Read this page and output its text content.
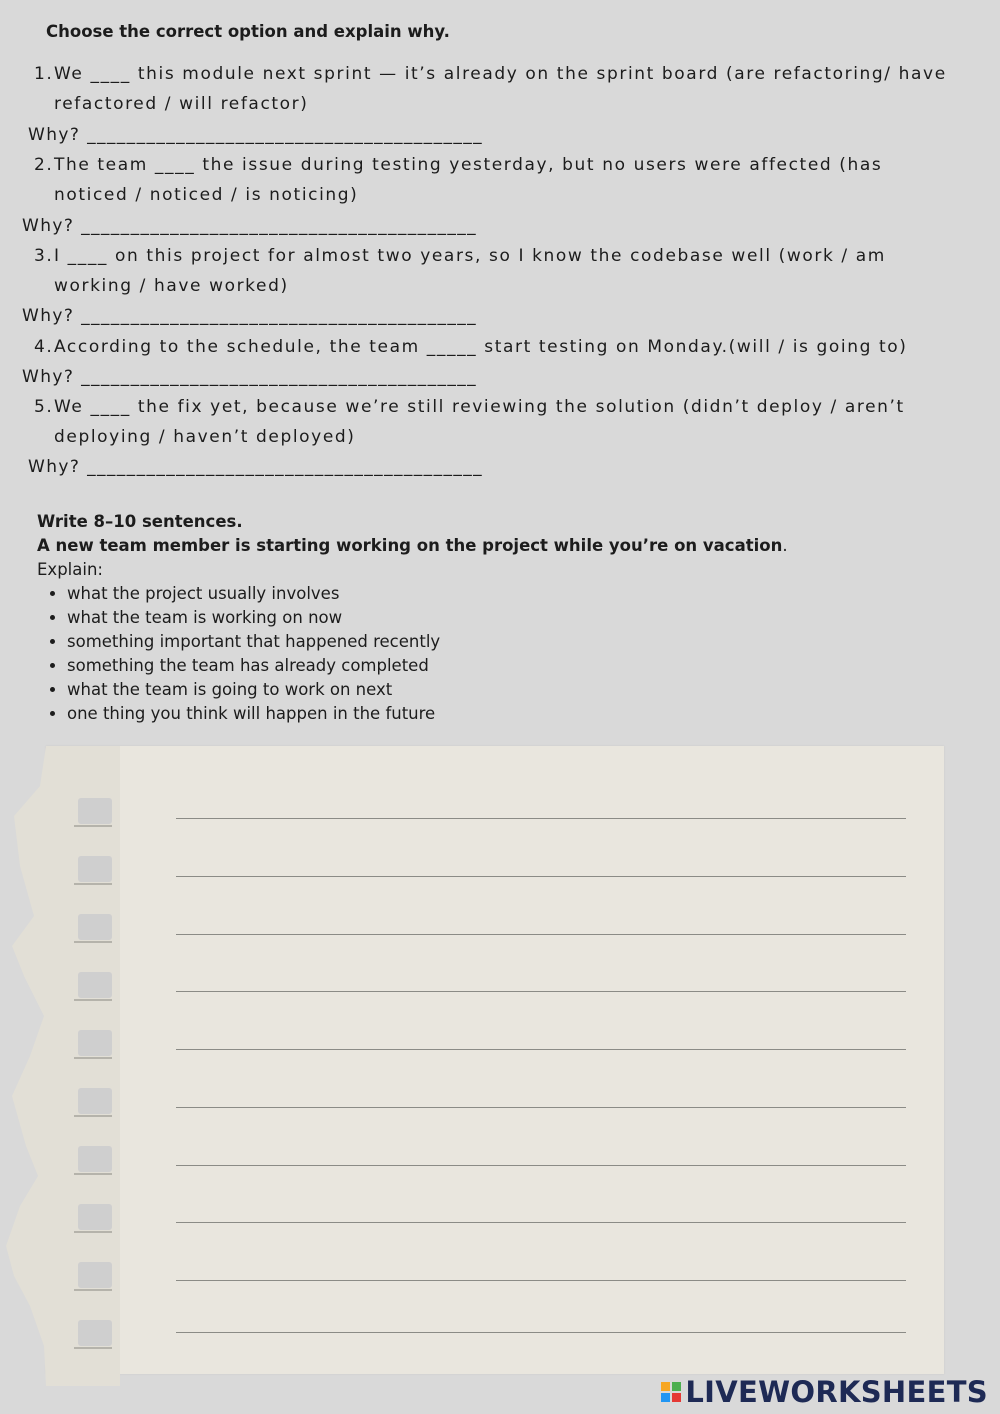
Choose the correct option and explain why.
1.We ____ this module next sprint — it’s already on the sprint board (are refactoring/ have
refactored / will refactor)
Why? ________________________________________
2.The team ____ the issue during testing yesterday, but no users were affected (has
noticed / noticed / is noticing)
Why? ________________________________________
3.I ____ on this project for almost two years, so I know the codebase well (work / am
working / have worked)
Why? ________________________________________
4.According to the schedule, the team _____ start testing on Monday.(will / is going to)
Why? ________________________________________
5.We ____ the fix yet, because we’re still reviewing the solution (didn’t deploy / aren’t
deploying / haven’t deployed)
Why? ________________________________________
Write 8–10 sentences.
A new team member is starting working on the project while you’re on vacation.
Explain:
• what the project usually involves
• what the team is working on now
• something important that happened recently
• something the team has already completed
• what the team is going to work on next
• one thing you think will happen in the future
LIVEWORKSHEETS
